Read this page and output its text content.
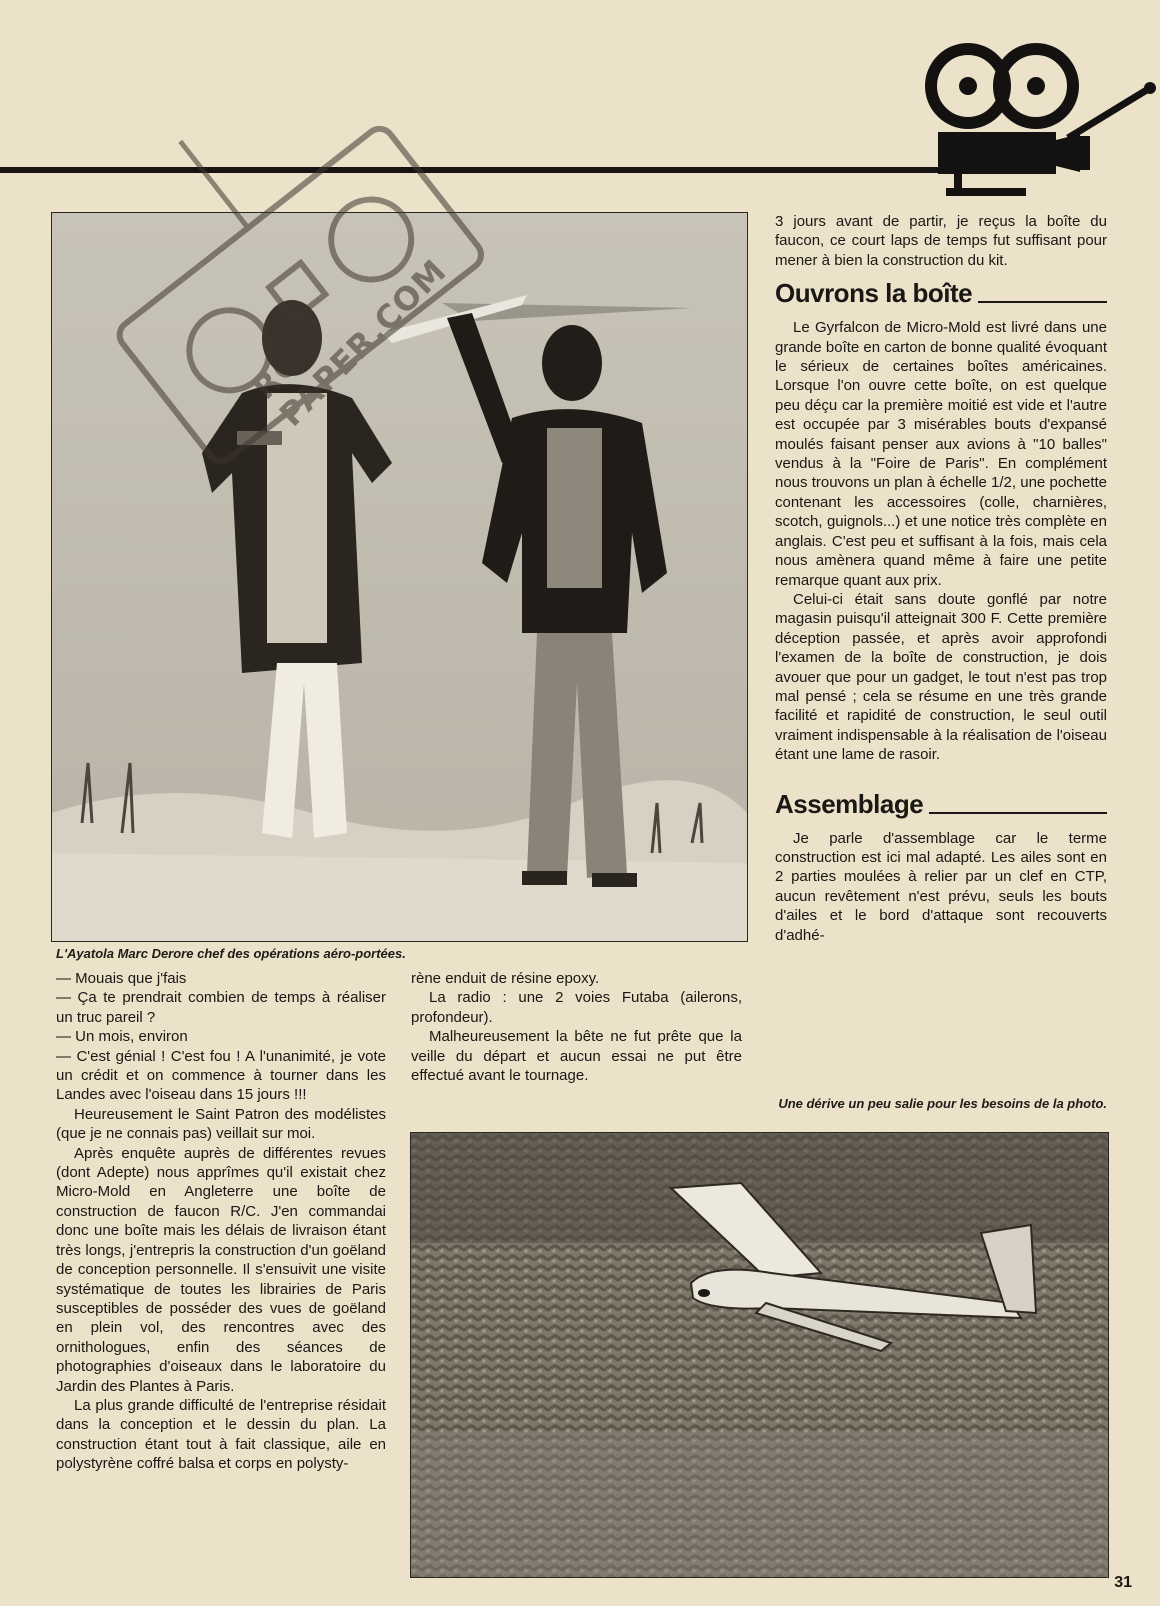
RC-PAPER.COM
L'Ayatola Marc Derore chef des opérations aéro-portées.

— Mouais que j'fais

— Ça te prendrait combien de temps à réaliser un truc pareil ?

— Un mois, environ

— C'est génial ! C'est fou ! A l'unanimité, je vote un crédit et on commence à tourner dans les Landes avec l'oiseau dans 15 jours !!!

Heureusement le Saint Patron des modélistes (que je ne connais pas) veillait sur moi.

Après enquête auprès de différentes revues (dont Adepte) nous apprîmes qu'il existait chez Micro-Mold en Angleterre une boîte de construction de faucon R/C. J'en commandai donc une boîte mais les délais de livraison étant très longs, j'entrepris la construction d'un goëland de conception personnelle. Il s'ensuivit une visite systématique de toutes les librairies de Paris susceptibles de posséder des vues de goëland en plein vol, des rencontres avec des ornithologues, enfin des séances de photographies d'oiseaux dans le laboratoire du Jardin des Plantes à Paris.

La plus grande difficulté de l'entreprise résidait dans la conception et le dessin du plan. La construction étant tout à fait classique, aile en polystyrène coffré balsa et corps en polysty-

rène enduit de résine epoxy.

La radio : une 2 voies Futaba (ailerons, profondeur).

Malheureusement la bête ne fut prête que la veille du départ et aucun essai ne put être effectué avant le tournage.

3 jours avant de partir, je reçus la boîte du faucon, ce court laps de temps fut suffisant pour mener à bien la construction du kit.

Ouvrons la boîte

Le Gyrfalcon de Micro-Mold est livré dans une grande boîte en carton de bonne qualité évoquant le sérieux de certaines boîtes américaines. Lorsque l'on ouvre cette boîte, on est quelque peu déçu car la première moitié est vide et l'autre est occupée par 3 misérables bouts d'expansé moulés faisant penser aux avions à "10 balles" vendus à la "Foire de Paris". En complément nous trouvons un plan à échelle 1/2, une pochette contenant les accessoires (colle, charnières, scotch, guignols...) et une notice très complète en anglais. C'est peu et suffisant à la fois, mais cela nous amènera quand même à faire une petite remarque quant aux prix.

Celui-ci était sans doute gonflé par notre magasin puisqu'il atteignait 300 F. Cette première déception passée, et après avoir approfondi l'examen de la boîte de construction, je dois avouer que pour un gadget, le tout n'est pas trop mal pensé ; cela se résume en une très grande facilité et rapidité de construction, le seul outil vraiment indispensable à la réalisation de l'oiseau étant une lame de rasoir.

Assemblage

Je parle d'assemblage car le terme construction est ici mal adapté. Les ailes sont en 2 parties moulées à relier par un clef en CTP, aucun revêtement n'est prévu, seuls les bouts d'ailes et le bord d'attaque sont recouverts d'adhé-

Une dérive un peu salie pour les besoins de la photo.
31
